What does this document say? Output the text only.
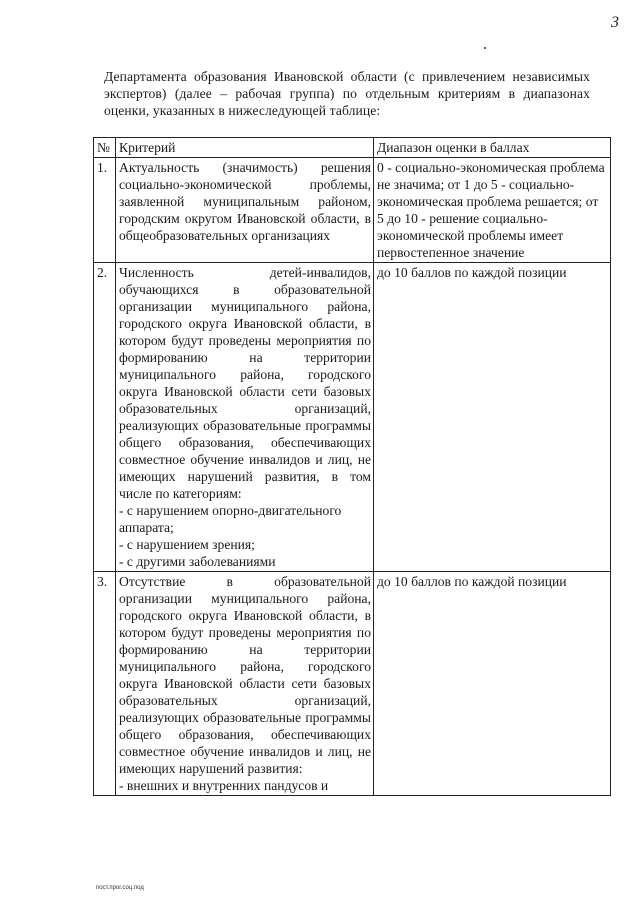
3
Департамента образования Ивановской области (с привлечением независимых экспертов) (далее – рабочая группа) по отдельным критериям в диапазонах оценки, указанных в нижеследующей таблице:
№	Критерий	Диапазон оценки в баллах
1.	Актуальность (значимость) решения социально-экономической проблемы, заявленной муниципальным районом, городским округом Ивановской области, в общеобразовательных организациях	0 - социально-экономическая проблема не значима; от 1 до 5 - социально-экономическая проблема решается; от 5 до 10 - решение социально-экономической проблемы имеет первостепенное значение
2.	Численность детей-инвалидов, обучающихся в образовательной организации муниципального района, городского округа Ивановской области, в котором будут проведены мероприятия по формированию на территории муниципального района, городского округа Ивановской области сети базовых образовательных организаций, реализующих образовательные программы общего образования, обеспечивающих совместное обучение инвалидов и лиц, не имеющих нарушений развития, в том числе по категориям:
- с нарушением опорно-двигательного аппарата;
- с нарушением зрения;
- с другими заболеваниями	до 10 баллов по каждой позиции
3.	Отсутствие в образовательной организации муниципального района, городского округа Ивановской области, в котором будут проведены мероприятия по формированию на территории муниципального района, городского округа Ивановской области сети базовых образовательных организаций, реализующих образовательные программы общего образования, обеспечивающих совместное обучение инвалидов и лиц, не имеющих нарушений развития:
- внешних и внутренних пандусов и	до 10 баллов по каждой позиции
пост.прог.соц.под
